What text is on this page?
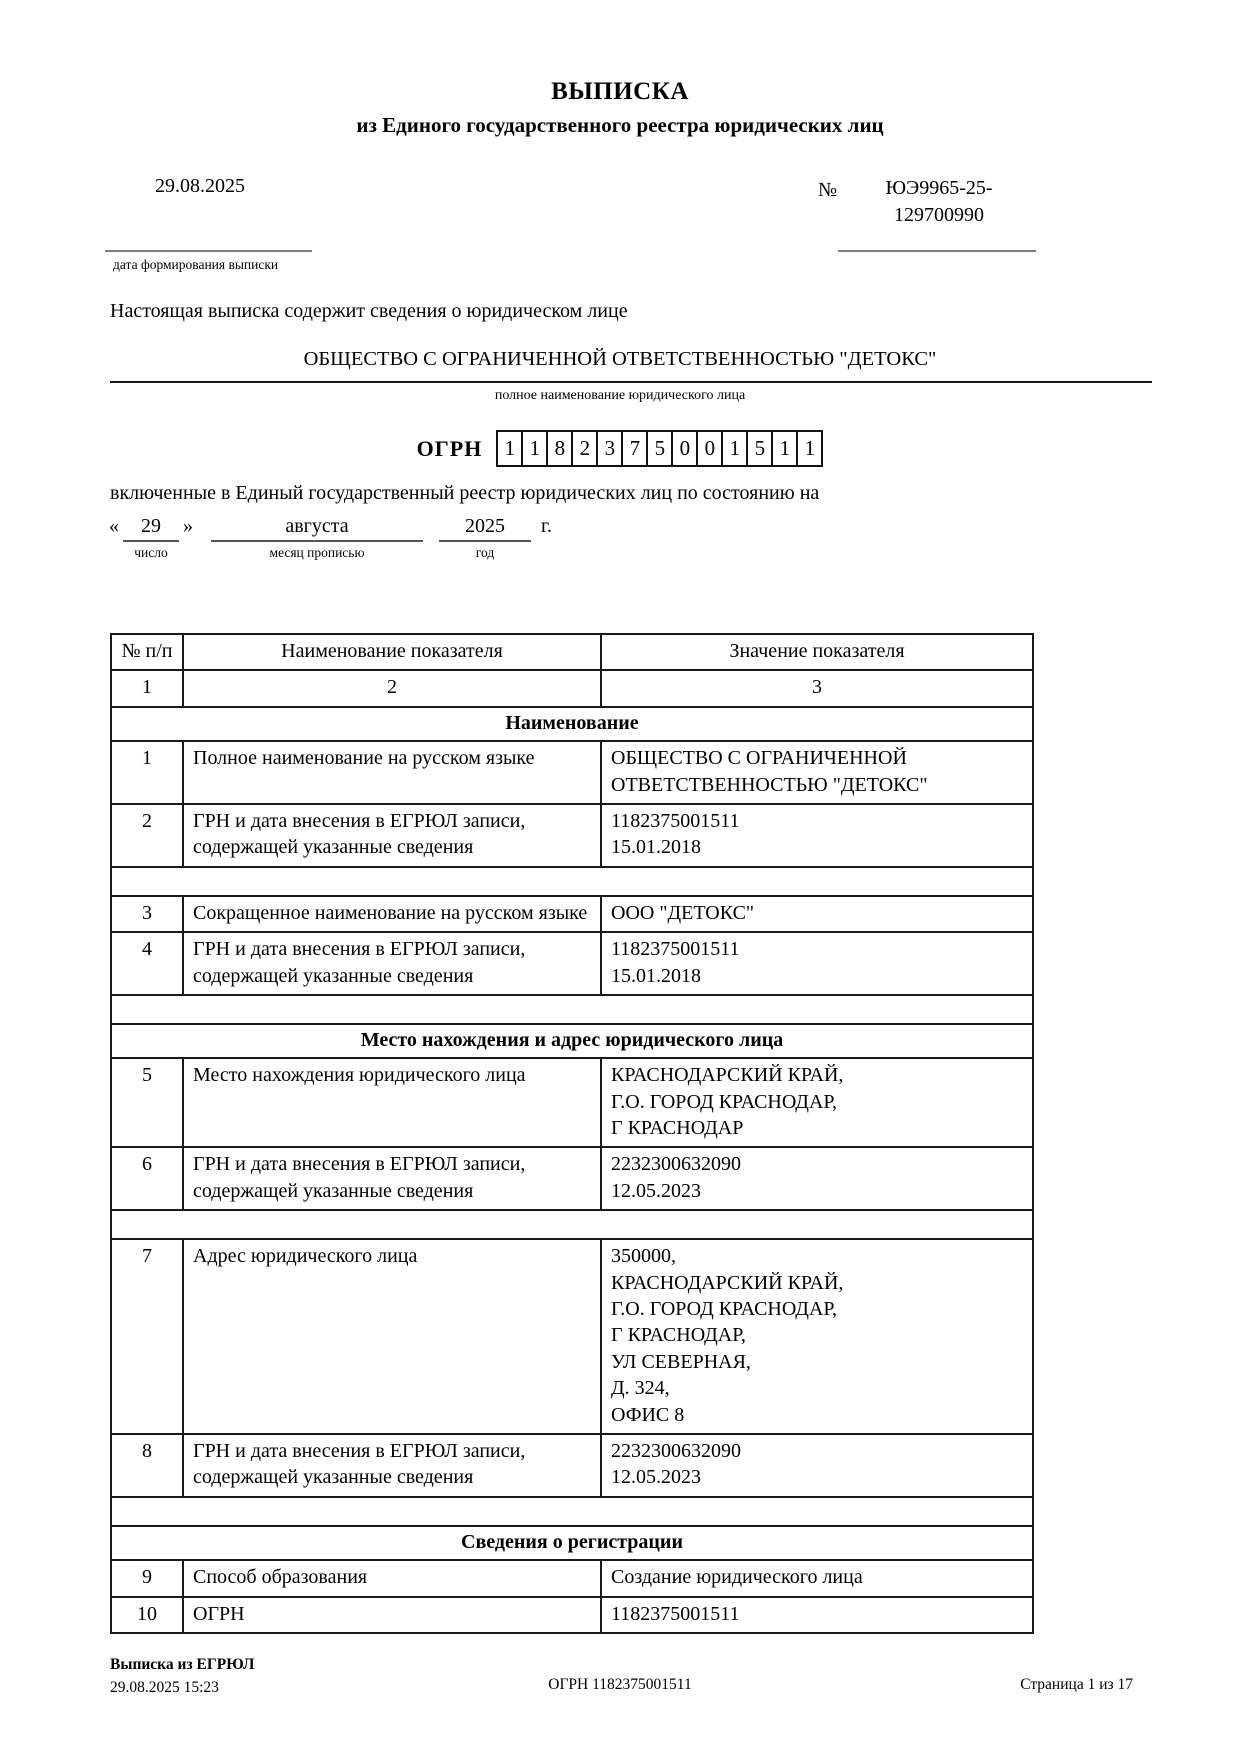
ВЫПИСКА
из Единого государственного реестра юридических лиц
29.08.2025	№	ЮЭ9965-25-
129700990
дата формирования выписки
Настоящая выписка содержит сведения о юридическом лице
ОБЩЕСТВО С ОГРАНИЧЕННОЙ ОТВЕТСТВЕННОСТЬЮ "ДЕТОКС"
полное наименование юридического лица
ОГРН	1 1 8 2 3 7 5 0 0 1 5 1 1
включенные в Единый государственный реестр юридических лиц по состоянию на
«	29
число
»	августа
месяц прописью
2025
год
г.
№ п/п	Наименование показателя	Значение показателя
1	2	3
Наименование		
1	Полное наименование на русском языке	ОБЩЕСТВО С ОГРАНИЧЕННОЙ
ОТВЕТСТВЕННОСТЬЮ "ДЕТОКС"

2	ГРН и дата внесения в ЕГРЮЛ записи, содержащей указанные сведения	1182375001511
15.01.2018

3	Сокращенное наименование на русском языке	ООО "ДЕТОКС"

4	ГРН и дата внесения в ЕГРЮЛ записи, содержащей указанные сведения	1182375001511
15.01.2018

Место нахождения и адрес юридического лица		
5	Место нахождения юридического лица	КРАСНОДАРСКИЙ КРАЙ,
Г.О. ГОРОД КРАСНОДАР,
Г КРАСНОДАР

6	ГРН и дата внесения в ЕГРЮЛ записи, содержащей указанные сведения	2232300632090
12.05.2023

7	Адрес юридического лица	350000,
КРАСНОДАРСКИЙ КРАЙ,
Г.О. ГОРОД КРАСНОДАР,
Г КРАСНОДАР,
УЛ СЕВЕРНАЯ,
Д. 324,
ОФИС 8

8	ГРН и дата внесения в ЕГРЮЛ записи, содержащей указанные сведения	2232300632090
12.05.2023

Сведения о регистрации		
9	Способ образования	Создание юридического лица

10	ОГРН	1182375001511
Выписка из ЕГРЮЛ
29.08.2025 15:23	ОГРН 1182375001511	Страница 1 из 17
